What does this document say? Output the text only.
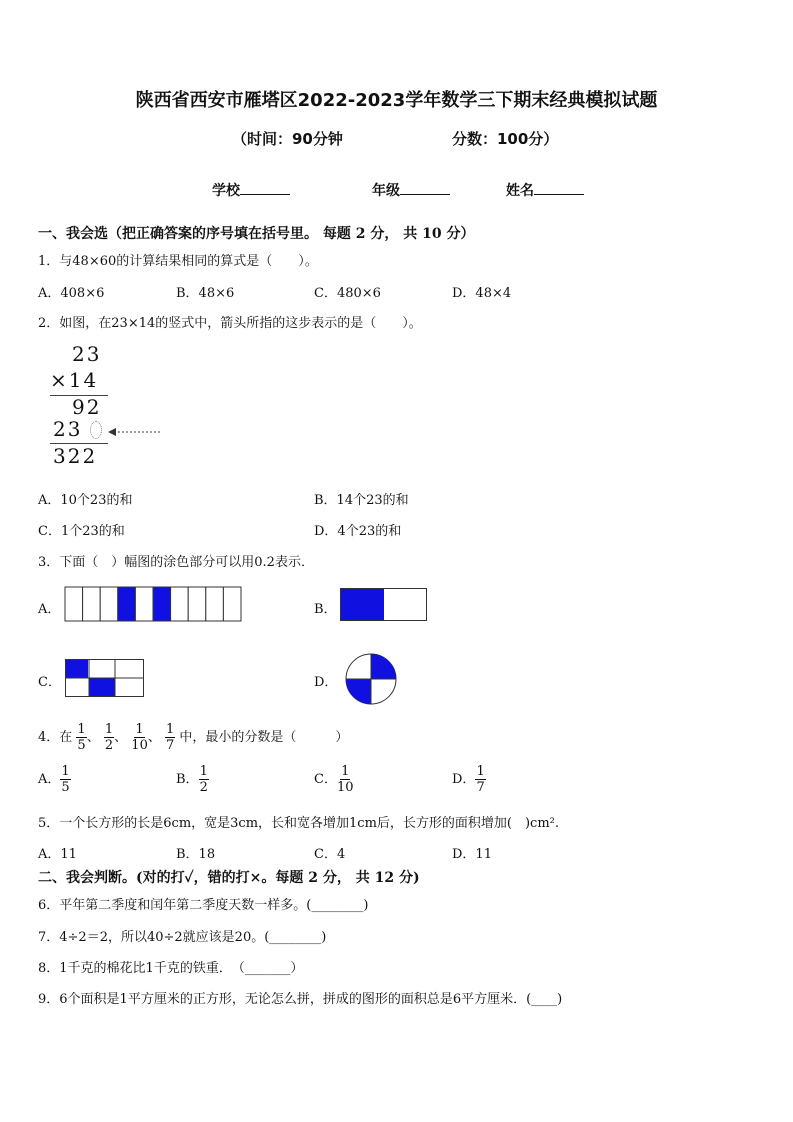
陕西省西安市雁塔区2022-2023学年数学三下期末经典模拟试题
（时间：90分钟	分数：100分）
学校	年级	姓名
一、我会选（把正确答案的序号填在括号里。 每题 2 分， 共 10 分）
1．与48×60的计算结果相同的算式是（　　）。
A．408×6	B．48×6	C．480×6	D．48×4
2．如图，在23×14的竖式中，箭头所指的这步表示的是（　　）。
23
×14
92
23
322
A．10个23的和	B．14个23的和
C．1个23的和	D．4个23的和
3．下面（　）幅图的涂色部分可以用0.2表示．
A．	B．
C．	D．
4．在 $\frac{1}{5}$ 、 $\frac{1}{2}$ 、 $\frac{1}{10}$ 、 $\frac{1}{7}$ 中，最小的分数是（　　　）
A． $\frac{1}{5}$	B． $\frac{1}{2}$	C． $\frac{1}{10}$	D． $\frac{1}{7}$
5．一个长方形的长是6cm，宽是3cm，长和宽各增加1cm后，长方形的面积增加(　)cm².
A．11	B．18	C．4	D．11
二、我会判断。(对的打✓，错的打×。每题 2 分， 共 12 分)
6．平年第二季度和闰年第二季度天数一样多。(________)
7．4÷2＝2，所以40÷2就应该是20。(________)
8．1千克的棉花比1千克的铁重．　（_______）
9．6个面积是1平方厘米的正方形，无论怎么拼，拼成的图形的面积总是6平方厘米．(____)
